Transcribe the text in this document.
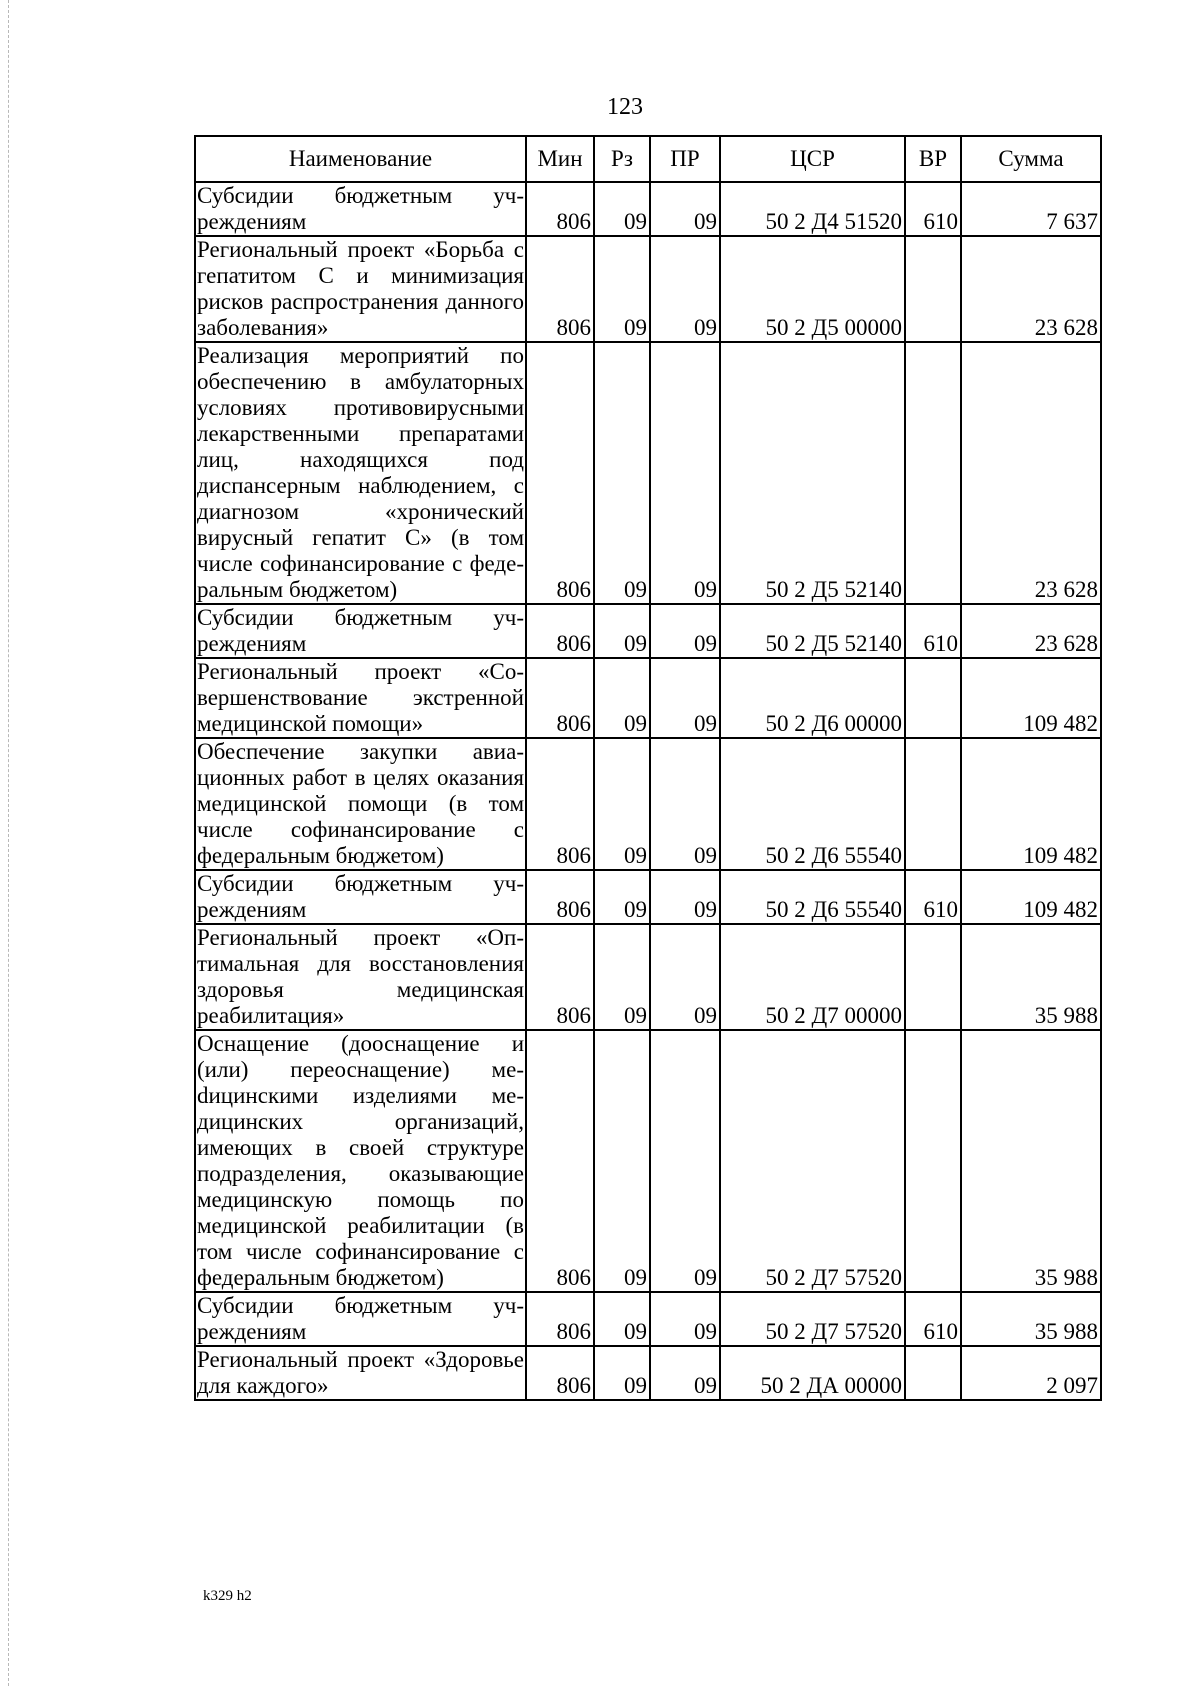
123
Наименование	Мин	Рз	ПР	ЦСР	ВР	Сумма
Субсидии бюджетным учреждениям	806	09	09	50 2 Д4 51520	610	7 637
Региональный проект «Борьба с гепатитом С и минимизация рисков распространения данного заболевания»	806	09	09	50 2 Д5 00000		23 628
Реализация мероприятий по обеспечению в амбулаторных условиях противовирусными лекарственными препаратами лиц, находящихся под диспансерным наблюдением, с диагнозом «хронический вирусный гепатит С» (в том числе софинансирование с федеральным бюджетом)	806	09	09	50 2 Д5 52140		23 628
Субсидии бюджетным учреждениям	806	09	09	50 2 Д5 52140	610	23 628
Региональный проект «Совершенствование экстренной медицинской помощи»	806	09	09	50 2 Д6 00000		109 482
Обеспечение закупки авиационных работ в целях оказания медицинской помощи (в том числе софинансирование с федеральным бюджетом)	806	09	09	50 2 Д6 55540		109 482
Субсидии бюджетным учреждениям	806	09	09	50 2 Д6 55540	610	109 482
Региональный проект «Оптимальная для восстановления здоровья медицинская реабилитация»	806	09	09	50 2 Д7 00000		35 988
Оснащение (дооснащение и (или) переоснащение) меdицинскими изделиями медицинских организаций, имеющих в своей структуре подразделения, оказывающие медицинскую помощь по медицинской реабилитации (в том числе софинансирование с федеральным бюджетом)	806	09	09	50 2 Д7 57520		35 988
Субсидии бюджетным учреждениям	806	09	09	50 2 Д7 57520	610	35 988
Региональный проект «Здоровье для каждого»	806	09	09	50 2 ДА 00000		2 097
k329 h2
